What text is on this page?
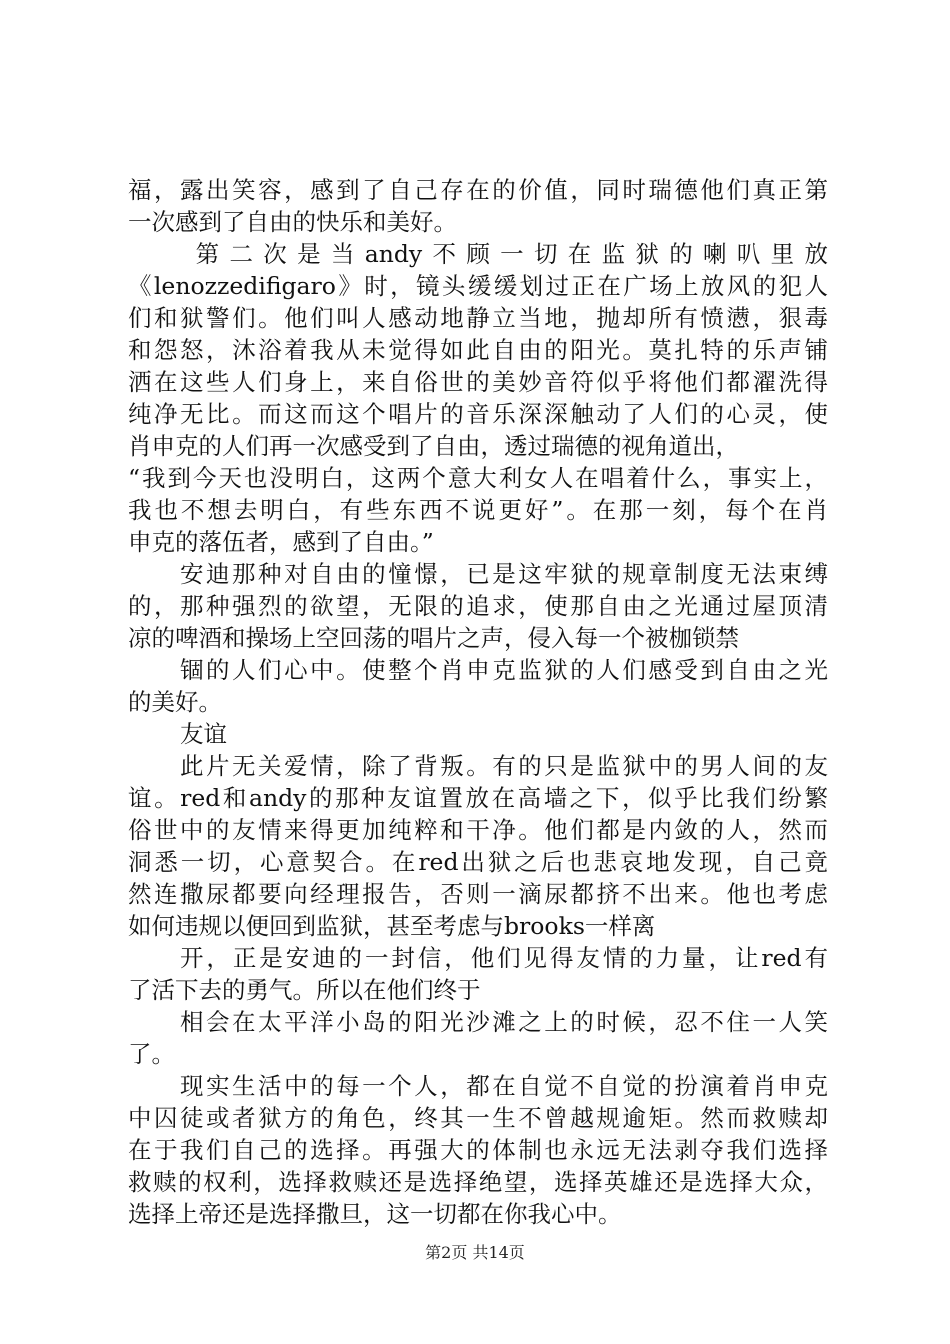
福，露出笑容，感到了自己存在的价值，同时瑞德他们真正第
一次感到了自由的快乐和美好。
　　第二次是当andy不顾一切在监狱的喇叭里放
《lenozzedifigaro》时，镜头缓缓划过正在广场上放风的犯人
们和狱警们。他们叫人感动地静立当地，抛却所有愤懑，狠毒
和怨怒，沐浴着我从未觉得如此自由的阳光。莫扎特的乐声铺
洒在这些人们身上，来自俗世的美妙音符似乎将他们都濯洗得
纯净无比。而这而这个唱片的音乐深深触动了人们的心灵，使
肖申克的人们再一次感受到了自由，透过瑞德的视角道出，
“我到今天也没明白，这两个意大利女人在唱着什么，事实上，
我也不想去明白，有些东西不说更好”。在那一刻，每个在肖
申克的落伍者，感到了自由。”
安迪那种对自由的憧憬，已是这牢狱的规章制度无法束缚
的，那种强烈的欲望，无限的追求，使那自由之光通过屋顶清
凉的啤酒和操场上空回荡的唱片之声，侵入每一个被枷锁禁
锢的人们心中。使整个肖申克监狱的人们感受到自由之光
的美好。
友谊
此片无关爱情，除了背叛。有的只是监狱中的男人间的友
谊。red和andy的那种友谊置放在高墙之下，似乎比我们纷繁
俗世中的友情来得更加纯粹和干净。他们都是内敛的人，然而
洞悉一切，心意契合。在red出狱之后也悲哀地发现，自己竟
然连撒尿都要向经理报告，否则一滴尿都挤不出来。他也考虑
如何违规以便回到监狱，甚至考虑与brooks一样离
开，正是安迪的一封信，他们见得友情的力量，让red有
了活下去的勇气。所以在他们终于
相会在太平洋小岛的阳光沙滩之上的时候，忍不住一人笑
了。
现实生活中的每一个人，都在自觉不自觉的扮演着肖申克
中囚徒或者狱方的角色，终其一生不曾越规逾矩。然而救赎却
在于我们自己的选择。再强大的体制也永远无法剥夺我们选择
救赎的权利，选择救赎还是选择绝望，选择英雄还是选择大众，
选择上帝还是选择撒旦，这一切都在你我心中。
第2页 共14页
